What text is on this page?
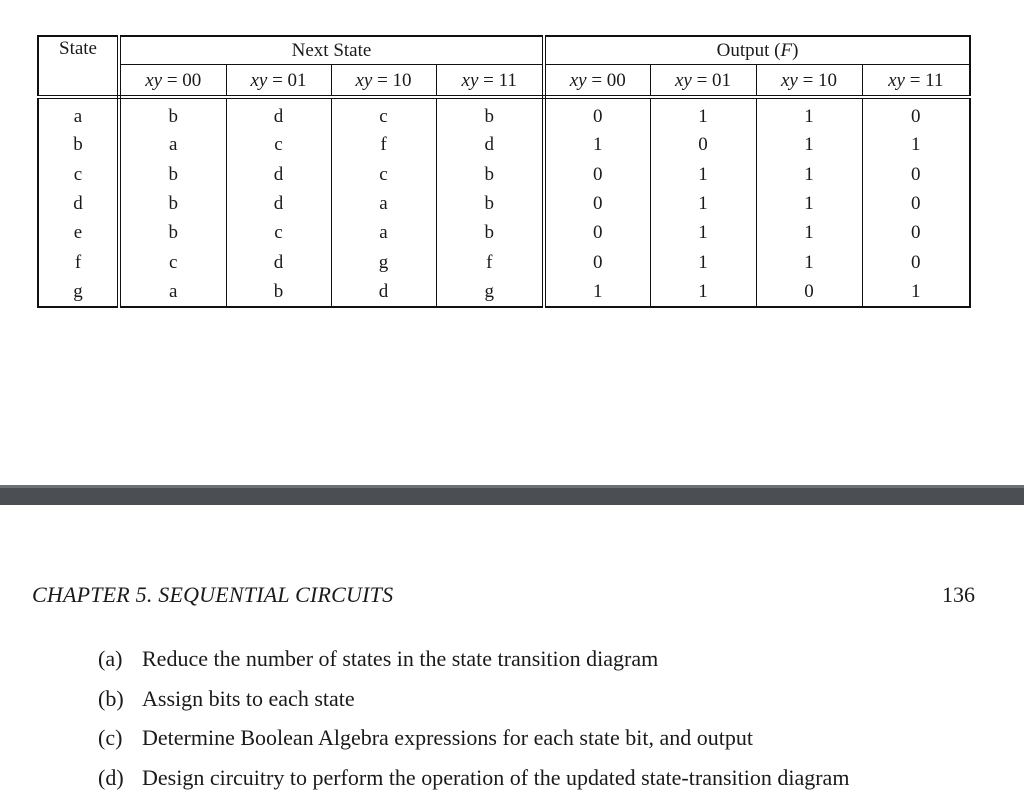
State	Next State				Output (F)			
	xy = 00	xy = 01	xy = 10	xy = 11	xy = 00	xy = 01	xy = 10	xy = 11
a	b	d	c	b	0	1	1	0
b	a	c	f	d	1	0	1	1
c	b	d	c	b	0	1	1	0
d	b	d	a	b	0	1	1	0
e	b	c	a	b	0	1	1	0
f	c	d	g	f	0	1	1	0
g	a	b	d	g	1	1	0	1
CHAPTER 5. SEQUENTIAL CIRCUITS	136
(a) Reduce the number of states in the state transition diagram
(b) Assign bits to each state
(c) Determine Boolean Algebra expressions for each state bit, and output
(d) Design circuitry to perform the operation of the updated state-transition diagram
